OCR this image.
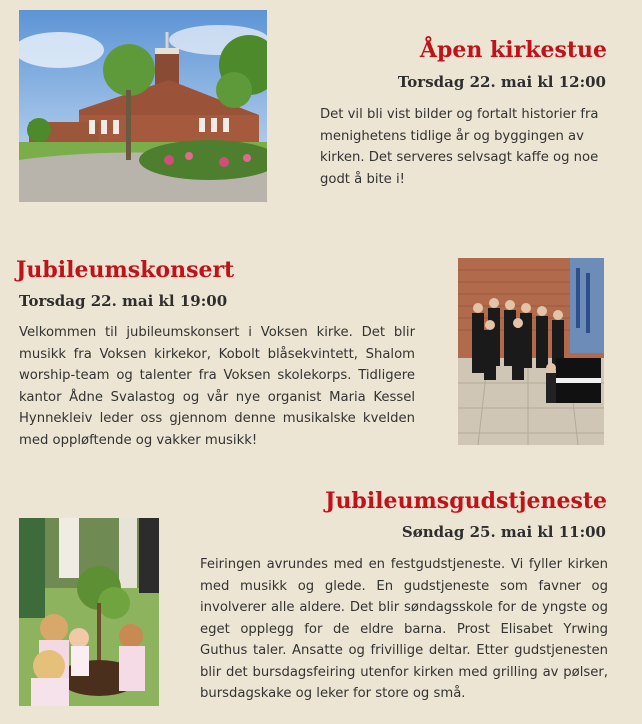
Åpen kirkestue

Torsdag 22. mai kl 12:00

Det vil bli vist bilder og fortalt historier fra menighetens tidlige år og byggingen av kirken. Det serveres selvsagt kaffe og noe godt å bite i!

Jubileumskonsert

Torsdag 22. mai kl 19:00

Velkommen til jubileumskonsert i Voksen kirke. Det blir musikk fra Voksen kirkekor, Kobolt blåsekvintett, Shalom worship-team og talenter fra Voksen skolekorps. Tidligere kantor Ådne Svalastog og vår nye organist Maria Kessel Hynnekleiv leder oss gjennom denne musikalske kvelden med oppløftende og vakker musikk!

Jubileumsgudstjeneste

Søndag 25. mai kl 11:00

Feiringen avrundes med en festgudstjeneste. Vi fyller kirken med musikk og glede. En gudstjeneste som favner og involverer alle aldere. Det blir søndagsskole for de yngste og eget opplegg for de eldre barna. Prost Elisabet Yrwing Guthus taler. Ansatte og frivillige deltar. Etter gudstjenesten blir det bursdagsfeiring utenfor kirken med grilling av pølser, bursdagskake og leker for store og små.
